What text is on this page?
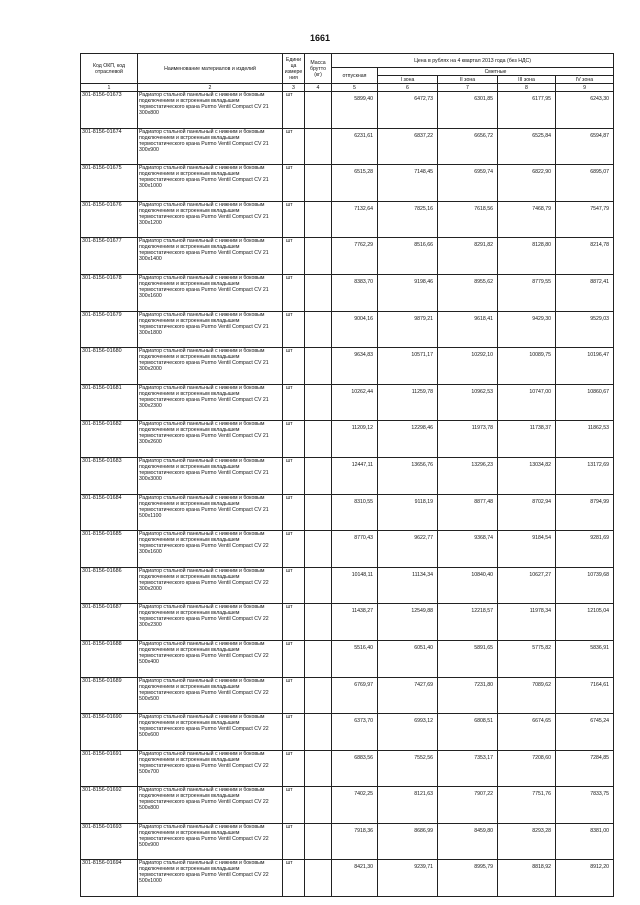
1661
Код ОКП, код отраслевой	Наименование материалов и изделий	Едини ца измере ния	Масса брутто (кг)	Цена в рублях на 4 квартал 2013 года (без НДС)				
				отпускная	Сметные			
					I зона	II зона	III зона	IV зона
1	2	3	4	5	6	7	8	9
301-8156-01673	Радиатор стальной панельный с нижним и боковым подключением и встроенным вкладышем термостатического крана Purmo Ventil Compact CV 21 300x800	шт		5899,40	6472,73	6301,85	6177,95	6243,30
301-8156-01674	Радиатор стальной панельный с нижним и боковым подключением и встроенным вкладышем термостатического крана Purmo Ventil Compact CV 21 300x900	шт		6231,61	6837,22	6656,72	6525,84	6594,87
301-8156-01675	Радиатор стальной панельный с нижним и боковым подключением и встроенным вкладышем термостатического крана Purmo Ventil Compact CV 21 300x1000	шт		6515,28	7148,45	6959,74	6822,90	6895,07
301-8156-01676	Радиатор стальной панельный с нижним и боковым подключением и встроенным вкладышем термостатического крана Purmo Ventil Compact CV 21 300x1200	шт		7132,64	7825,16	7618,56	7468,79	7547,79
301-8156-01677	Радиатор стальной панельный с нижним и боковым подключением и встроенным вкладышем термостатического крана Purmo Ventil Compact CV 21 300x1400	шт		7762,29	8516,66	8291,82	8128,80	8214,78
301-8156-01678	Радиатор стальной панельный с нижним и боковым подключением и встроенным вкладышем термостатического крана Purmo Ventil Compact CV 21 300x1600	шт		8383,70	9198,46	8955,62	8779,55	8872,41
301-8156-01679	Радиатор стальной панельный с нижним и боковым подключением и встроенным вкладышем термостатического крана Purmo Ventil Compact CV 21 300x1800	шт		9004,16	9879,21	9618,41	9429,30	9529,03
301-8156-01680	Радиатор стальной панельный с нижним и боковым подключением и встроенным вкладышем термостатического крана Purmo Ventil Compact CV 21 300x2000	шт		9634,83	10571,17	10292,10	10089,75	10196,47
301-8156-01681	Радиатор стальной панельный с нижним и боковым подключением и встроенным вкладышем термостатического крана Purmo Ventil Compact CV 21 300x2300	шт		10262,44	11259,78	10962,53	10747,00	10860,67
301-8156-01682	Радиатор стальной панельный с нижним и боковым подключением и встроенным вкладышем термостатического крана Purmo Ventil Compact CV 21 300x2600	шт		11209,12	12298,46	11973,78	11738,37	11862,53
301-8156-01683	Радиатор стальной панельный с нижним и боковым подключением и встроенным вкладышем термостатического крана Purmo Ventil Compact CV 21 300x3000	шт		12447,11	13656,76	13296,23	13034,82	13172,69
301-8156-01684	Радиатор стальной панельный с нижним и боковым подключением и встроенным вкладышем термостатического крана Purmo Ventil Compact CV 21 500x1100	шт		8310,55	9118,19	8877,48	8702,94	8794,99
301-8156-01685	Радиатор стальной панельный с нижним и боковым подключением и встроенным вкладышем термостатического крана Purmo Ventil Compact CV 22 300x1600	шт		8770,43	9622,77	9368,74	9184,54	9281,69
301-8156-01686	Радиатор стальной панельный с нижним и боковым подключением и встроенным вкладышем термостатического крана Purmo Ventil Compact CV 22 300x2000	шт		10148,11	11134,34	10840,40	10627,27	10739,68
301-8156-01687	Радиатор стальной панельный с нижним и боковым подключением и встроенным вкладышем термостатического крана Purmo Ventil Compact CV 22 300x2300	шт		11438,27	12549,88	12218,57	11978,34	12105,04
301-8156-01688	Радиатор стальной панельный с нижним и боковым подключением и встроенным вкладышем термостатического крана Purmo Ventil Compact CV 22 500x400	шт		5516,40	6051,40	5891,65	5775,82	5836,91
301-8156-01689	Радиатор стальной панельный с нижним и боковым подключением и встроенным вкладышем термостатического крана Purmo Ventil Compact CV 22 500x500	шт		6769,97	7427,69	7231,80	7089,62	7164,61
301-8156-01690	Радиатор стальной панельный с нижним и боковым подключением и встроенным вкладышем термостатического крана Purmo Ventil Compact CV 22 500x600	шт		6373,70	6993,12	6808,51	6674,65	6745,24
301-8156-01691	Радиатор стальной панельный с нижним и боковым подключением и встроенным вкладышем термостатического крана Purmo Ventil Compact CV 22 500x700	шт		6883,56	7552,56	7353,17	7208,60	7284,85
301-8156-01692	Радиатор стальной панельный с нижним и боковым подключением и встроенным вкладышем термостатического крана Purmo Ventil Compact CV 22 500x800	шт		7402,25	8121,63	7907,22	7751,76	7833,75
301-8156-01693	Радиатор стальной панельный с нижним и боковым подключением и встроенным вкладышем термостатического крана Purmo Ventil Compact CV 22 500x900	шт		7918,36	8686,99	8459,80	8293,28	8381,00
301-8156-01694	Радиатор стальной панельный с нижним и боковым подключением и встроенным вкладышем термостатического крана Purmo Ventil Compact CV 22 500x1000	шт		8421,30	9239,71	8995,79	8818,92	8912,20
